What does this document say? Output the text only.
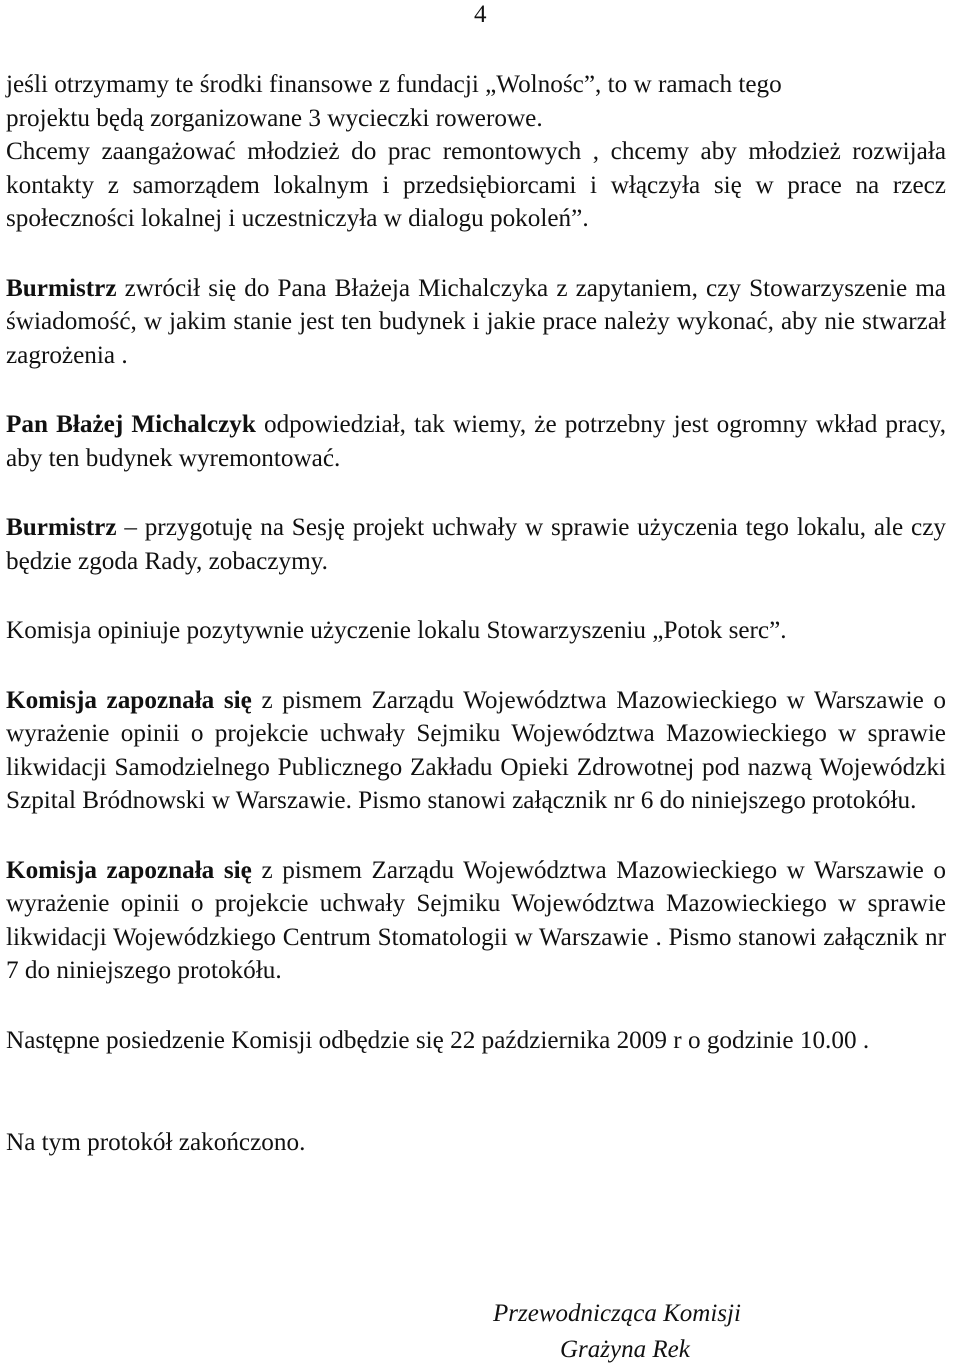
4

jeśli otrzymamy te środki finansowe z fundacji „Wolnośc”, to w ramach tego
projektu będą zorganizowane 3 wycieczki rowerowe.

Chcemy zaangażować młodzież do prac remontowych , chcemy aby młodzież rozwijała kontakty z samorządem lokalnym i przedsiębiorcami i włączyła się w prace na rzecz społeczności lokalnej i uczestniczyła w dialogu pokoleń”.

Burmistrz zwrócił się do Pana Błażeja Michalczyka z zapytaniem, czy Stowarzyszenie ma świadomość, w jakim stanie jest ten budynek i jakie prace należy wykonać, aby nie stwarzał zagrożenia .

Pan Błażej Michalczyk odpowiedział, tak wiemy, że potrzebny jest ogromny wkład pracy, aby ten budynek wyremontować.

Burmistrz – przygotuję na Sesję projekt uchwały w sprawie użyczenia tego lokalu, ale czy będzie zgoda Rady, zobaczymy.

Komisja opiniuje pozytywnie użyczenie lokalu Stowarzyszeniu „Potok serc”.

Komisja zapoznała się z pismem Zarządu Województwa Mazowieckiego w Warszawie o wyrażenie opinii o projekcie uchwały Sejmiku Województwa Mazowieckiego w sprawie likwidacji Samodzielnego Publicznego Zakładu Opieki Zdrowotnej pod nazwą Wojewódzki Szpital Bródnowski w Warszawie. Pismo stanowi załącznik nr 6 do niniejszego protokółu.

Komisja zapoznała się z pismem Zarządu Województwa Mazowieckiego w Warszawie o wyrażenie opinii o projekcie uchwały Sejmiku Województwa Mazowieckiego w sprawie likwidacji Wojewódzkiego Centrum Stomatologii w Warszawie . Pismo stanowi załącznik nr 7 do niniejszego protokółu.

Następne posiedzenie Komisji odbędzie się 22 października 2009 r o godzinie 10.00 .

Na tym protokół zakończono.

Przewodnicząca Komisji
Grażyna Rek
